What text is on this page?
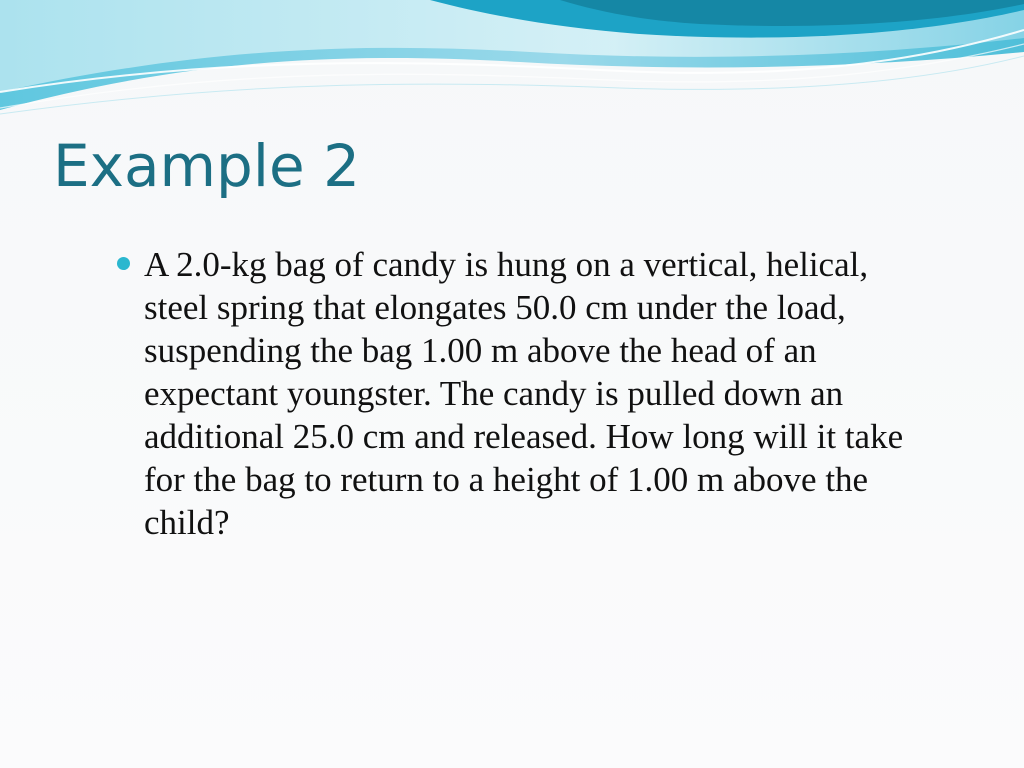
Example 2
A 2.0-kg bag of candy is hung on a vertical, helical, steel spring that elongates 50.0 cm under the load, suspending the bag 1.00 m above the head of an expectant youngster. The candy is pulled down an additional 25.0 cm and released. How long will it take for the bag to return to a height of 1.00 m above the child?
